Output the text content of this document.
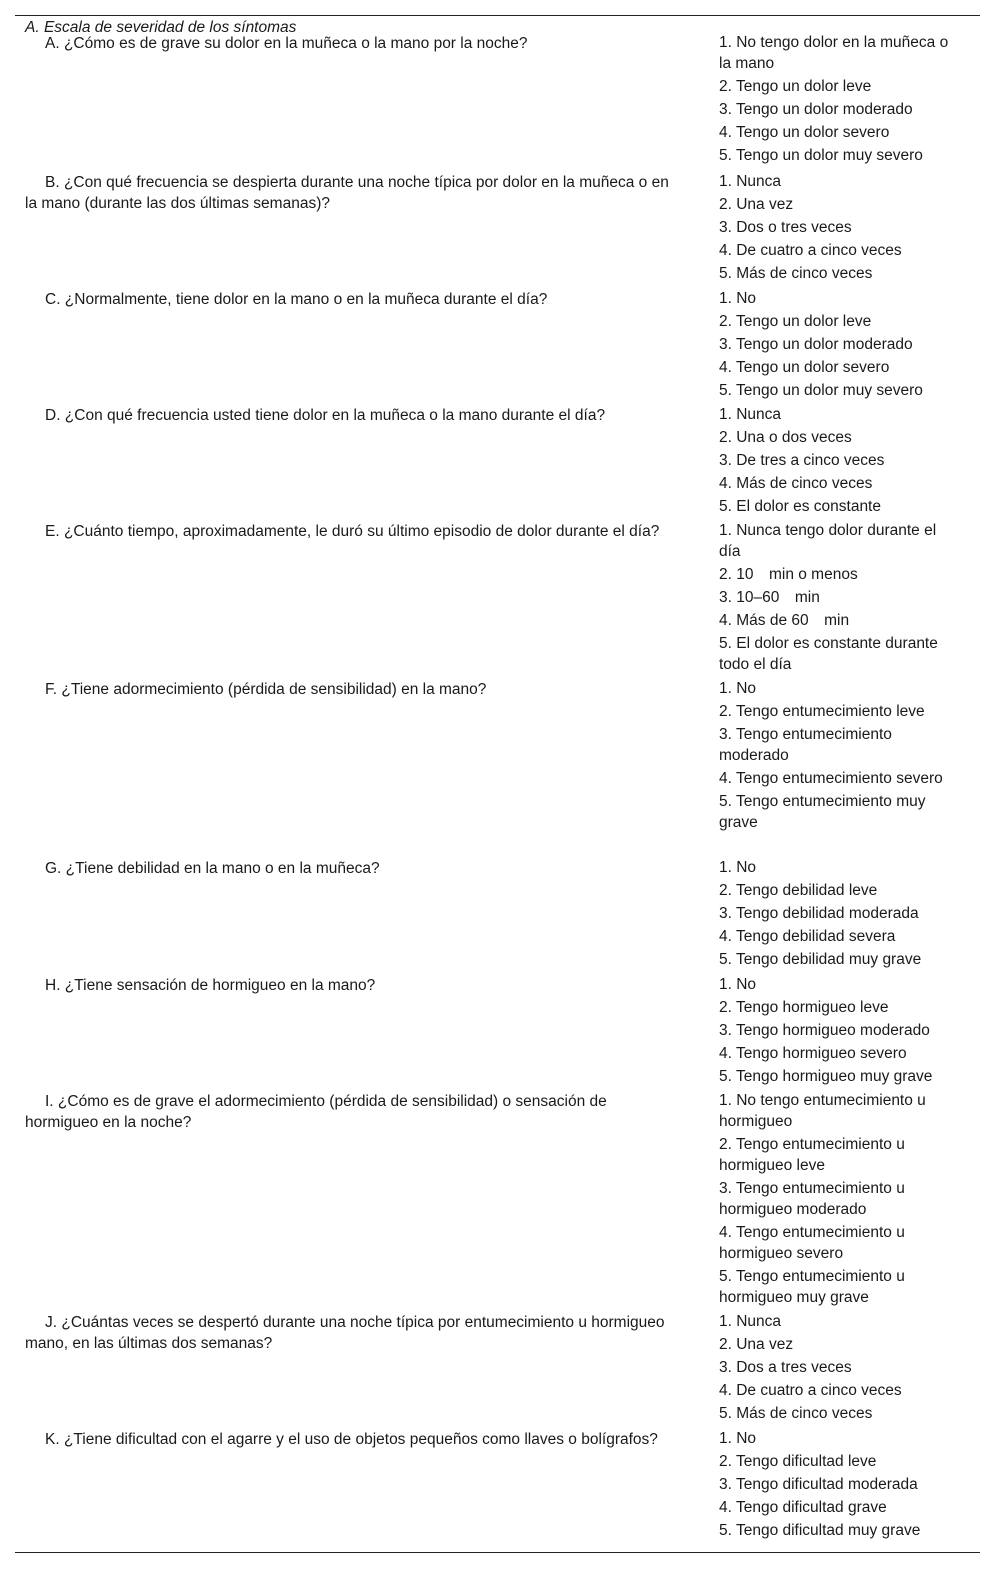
A. Escala de severidad de los síntomas
A. ¿Cómo es de grave su dolor en la muñeca o la mano por la noche?	1. No tengo dolor en la muñeca o la mano
2. Tengo un dolor leve
3. Tengo un dolor moderado
4. Tengo un dolor severo
5. Tengo un dolor muy severo
B. ¿Con qué frecuencia se despierta durante una noche típica por dolor en la muñeca o en la mano (durante las dos últimas semanas)?
1. Nunca
2. Una vez
3. Dos o tres veces
4. De cuatro a cinco veces
5. Más de cinco veces
C. ¿Normalmente, tiene dolor en la mano o en la muñeca durante el día?	1. No
2. Tengo un dolor leve
3. Tengo un dolor moderado
4. Tengo un dolor severo
5. Tengo un dolor muy severo
D. ¿Con qué frecuencia usted tiene dolor en la muñeca o la mano durante el día?	1. Nunca
2. Una o dos veces
3. De tres a cinco veces
4. Más de cinco veces
5. El dolor es constante
E. ¿Cuánto tiempo, aproximadamente, le duró su último episodio de dolor durante el día?	1. Nunca tengo dolor durante el día
2. 10  min o menos
3. 10–60  min
4. Más de 60  min
5. El dolor es constante durante todo el día
F. ¿Tiene adormecimiento (pérdida de sensibilidad) en la mano?	1. No
2. Tengo entumecimiento leve
3. Tengo entumecimiento moderado
4. Tengo entumecimiento severo
5. Tengo entumecimiento muy grave
G. ¿Tiene debilidad en la mano o en la muñeca?	1. No
2. Tengo debilidad leve
3. Tengo debilidad moderada
4. Tengo debilidad severa
5. Tengo debilidad muy grave
H. ¿Tiene sensación de hormigueo en la mano?	1. No
2. Tengo hormigueo leve
3. Tengo hormigueo moderado
4. Tengo hormigueo severo
5. Tengo hormigueo muy grave
I. ¿Cómo es de grave el adormecimiento (pérdida de sensibilidad) o sensación de hormigueo en la noche?
1. No tengo entumecimiento u hormigueo
2. Tengo entumecimiento u hormigueo leve
3. Tengo entumecimiento u hormigueo moderado
4. Tengo entumecimiento u hormigueo severo
5. Tengo entumecimiento u hormigueo muy grave
J. ¿Cuántas veces se despertó durante una noche típica por entumecimiento u hormigueo mano, en las últimas dos semanas?
1. Nunca
2. Una vez
3. Dos a tres veces
4. De cuatro a cinco veces
5. Más de cinco veces
K. ¿Tiene dificultad con el agarre y el uso de objetos pequeños como llaves o bolígrafos?	1. No
2. Tengo dificultad leve
3. Tengo dificultad moderada
4. Tengo dificultad grave
5. Tengo dificultad muy grave
